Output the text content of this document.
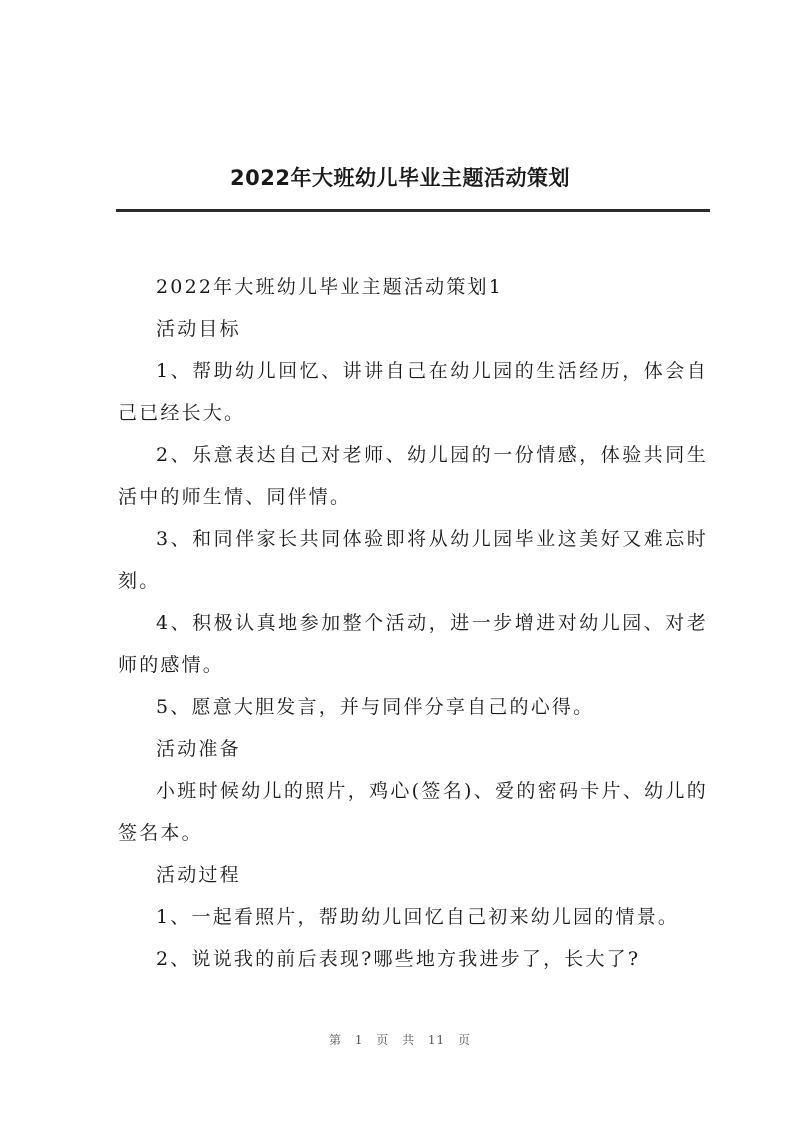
2022年大班幼儿毕业主题活动策划

2022年大班幼儿毕业主题活动策划1

活动目标

1、帮助幼儿回忆、讲讲自己在幼儿园的生活经历，体会自己已经长大。

2、乐意表达自己对老师、幼儿园的一份情感，体验共同生活中的师生情、同伴情。

3、和同伴家长共同体验即将从幼儿园毕业这美好又难忘时刻。

4、积极认真地参加整个活动，进一步增进对幼儿园、对老师的感情。

5、愿意大胆发言，并与同伴分享自己的心得。

活动准备

小班时候幼儿的照片，鸡心(签名)、爱的密码卡片、幼儿的签名本。

活动过程

1、一起看照片，帮助幼儿回忆自己初来幼儿园的情景。

2、说说我的前后表现?哪些地方我进步了，长大了?

第 1 页 共 11 页
